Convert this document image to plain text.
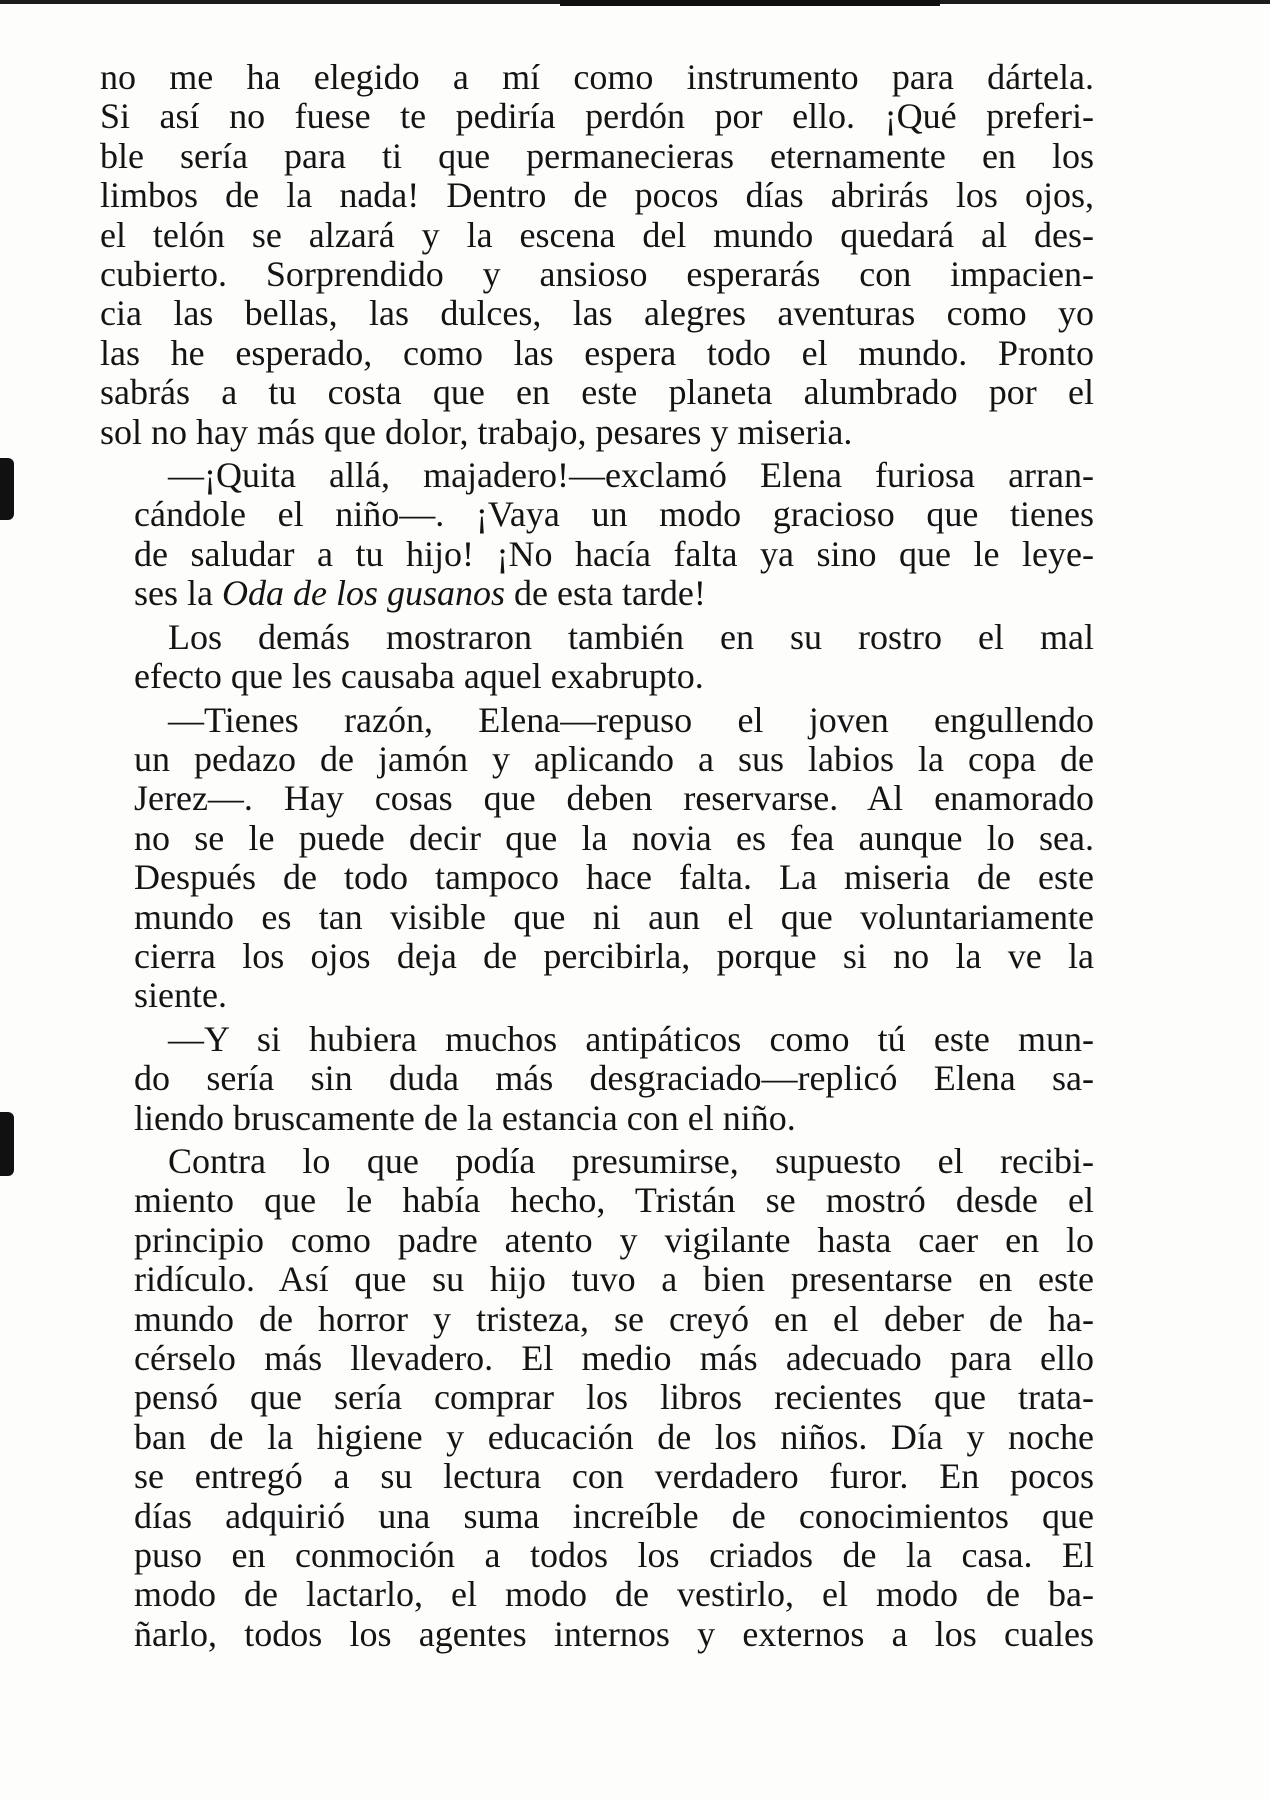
no me ha elegido a mí como instrumento para dártela.
Si así no fuese te pediría perdón por ello. ¡Qué preferi-
ble sería para ti que permanecieras eternamente en los
limbos de la nada! Dentro de pocos días abrirás los ojos,
el telón se alzará y la escena del mundo quedará al des-
cubierto. Sorprendido y ansioso esperarás con impacien-
cia las bellas, las dulces, las alegres aventuras como yo
las he esperado, como las espera todo el mundo. Pronto
sabrás a tu costa que en este planeta alumbrado por el
sol no hay más que dolor, trabajo, pesares y miseria.
—¡Quita allá, majadero!—exclamó Elena furiosa arran-
cándole el niño—. ¡Vaya un modo gracioso que tienes
de saludar a tu hijo! ¡No hacía falta ya sino que le leye-
ses la Oda de los gusanos de esta tarde!
Los demás mostraron también en su rostro el mal
efecto que les causaba aquel exabrupto.
—Tienes razón, Elena—repuso el joven engullendo
un pedazo de jamón y aplicando a sus labios la copa de
Jerez—. Hay cosas que deben reservarse. Al enamorado
no se le puede decir que la novia es fea aunque lo sea.
Después de todo tampoco hace falta. La miseria de este
mundo es tan visible que ni aun el que voluntariamente
cierra los ojos deja de percibirla, porque si no la ve la
siente.
—Y si hubiera muchos antipáticos como tú este mun-
do sería sin duda más desgraciado—replicó Elena sa-
liendo bruscamente de la estancia con el niño.
Contra lo que podía presumirse, supuesto el recibi-
miento que le había hecho, Tristán se mostró desde el
principio como padre atento y vigilante hasta caer en lo
ridículo. Así que su hijo tuvo a bien presentarse en este
mundo de horror y tristeza, se creyó en el deber de ha-
cérselo más llevadero. El medio más adecuado para ello
pensó que sería comprar los libros recientes que trata-
ban de la higiene y educación de los niños. Día y noche
se entregó a su lectura con verdadero furor. En pocos
días adquirió una suma increíble de conocimientos que
puso en conmoción a todos los criados de la casa. El
modo de lactarlo, el modo de vestirlo, el modo de ba-
ñarlo, todos los agentes internos y externos a los cuales
